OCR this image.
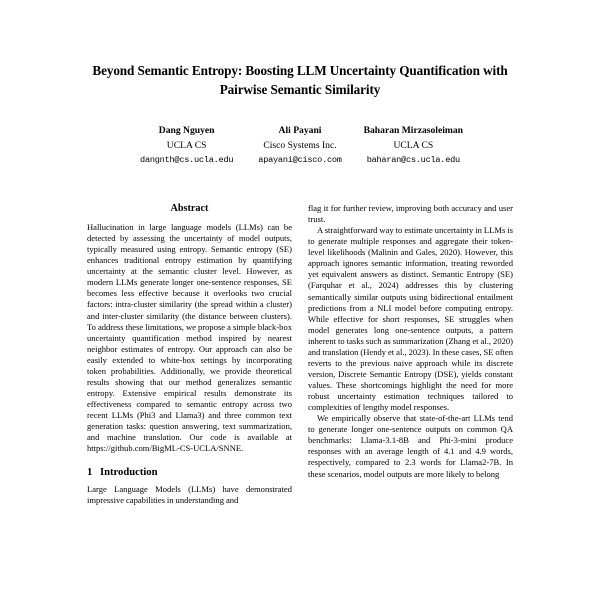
Beyond Semantic Entropy: Boosting LLM Uncertainty Quantification with Pairwise Semantic Similarity
Dang Nguyen
UCLA CS
dangnth@cs.ucla.edu
Ali Payani
Cisco Systems Inc.
apayani@cisco.com
Baharan Mirzasoleiman
UCLA CS
baharan@cs.ucla.edu
Abstract

Hallucination in large language models (LLMs) can be detected by assessing the uncertainty of model outputs, typically measured using entropy. Semantic entropy (SE) enhances traditional entropy estimation by quantifying uncertainty at the semantic cluster level. However, as modern LLMs generate longer one-sentence responses, SE becomes less effective because it overlooks two crucial factors: intra-cluster similarity (the spread within a cluster) and inter-cluster similarity (the distance between clusters). To address these limitations, we propose a simple black-box uncertainty quantification method inspired by nearest neighbor estimates of entropy. Our approach can also be easily extended to white-box settings by incorporating token probabilities. Additionally, we provide theoretical results showing that our method generalizes semantic entropy. Extensive empirical results demonstrate its effectiveness compared to semantic entropy across two recent LLMs (Phi3 and Llama3) and three common text generation tasks: question answering, text summarization, and machine translation. Our code is available at https://github.com/BigML-CS-UCLA/SNNE.

1 Introduction

Large Language Models (LLMs) have demonstrated impressive capabilities in understanding and

flag it for further review, improving both accuracy and user trust.

A straightforward way to estimate uncertainty in LLMs is to generate multiple responses and aggregate their token-level likelihoods (Malinin and Gales, 2020). However, this approach ignores semantic information, treating reworded yet equivalent answers as distinct. Semantic Entropy (SE) (Farquhar et al., 2024) addresses this by clustering semantically similar outputs using bidirectional entailment predictions from a NLI model before computing entropy. While effective for short responses, SE struggles when model generates long one-sentence outputs, a pattern inherent to tasks such as summarization (Zhang et al., 2020) and translation (Hendy et al., 2023). In these cases, SE often reverts to the previous naive approach while its discrete version, Discrete Semantic Entropy (DSE), yields constant values. These shortcomings highlight the need for more robust uncertainty estimation techniques tailored to complexities of lengthy model responses.

We empirically observe that state-of-the-art LLMs tend to generate longer one-sentence outputs on common QA benchmarks: Llama-3.1-8B and Phi-3-mini produce responses with an average length of 4.1 and 4.9 words, respectively, compared to 2.3 words for Llama2-7B. In these scenarios, model outputs are more likely to belong
